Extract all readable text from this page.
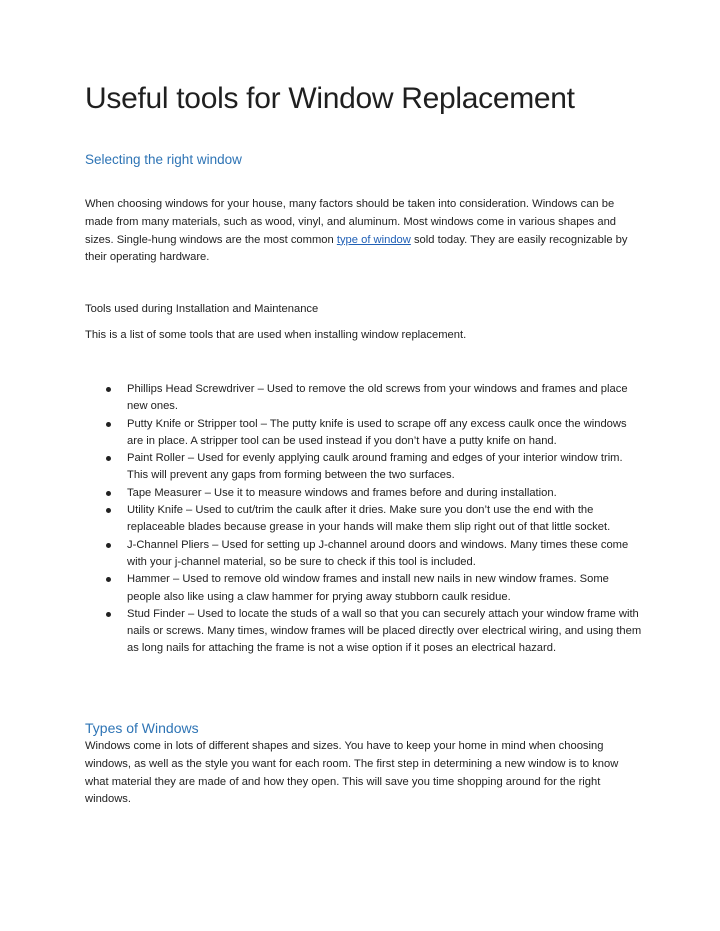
Useful tools for Window Replacement
Selecting the right window
When choosing windows for your house, many factors should be taken into consideration. Windows can be made from many materials, such as wood, vinyl, and aluminum. Most windows come in various shapes and sizes. Single-hung windows are the most common type of window sold today. They are easily recognizable by their operating hardware.
Tools used during Installation and Maintenance
This is a list of some tools that are used when installing window replacement.
Phillips Head Screwdriver – Used to remove the old screws from your windows and frames and place new ones.
Putty Knife or Stripper tool – The putty knife is used to scrape off any excess caulk once the windows are in place. A stripper tool can be used instead if you don’t have a putty knife on hand.
Paint Roller – Used for evenly applying caulk around framing and edges of your interior window trim. This will prevent any gaps from forming between the two surfaces.
Tape Measurer – Use it to measure windows and frames before and during installation.
Utility Knife – Used to cut/trim the caulk after it dries. Make sure you don’t use the end with the replaceable blades because grease in your hands will make them slip right out of that little socket.
J-Channel Pliers – Used for setting up J-channel around doors and windows. Many times these come with your j-channel material, so be sure to check if this tool is included.
Hammer – Used to remove old window frames and install new nails in new window frames. Some people also like using a claw hammer for prying away stubborn caulk residue.
Stud Finder – Used to locate the studs of a wall so that you can securely attach your window frame with nails or screws. Many times, window frames will be placed directly over electrical wiring, and using them as long nails for attaching the frame is not a wise option if it poses an electrical hazard.
Types of Windows
Windows come in lots of different shapes and sizes. You have to keep your home in mind when choosing windows, as well as the style you want for each room. The first step in determining a new window is to know what material they are made of and how they open. This will save you time shopping around for the right windows.
